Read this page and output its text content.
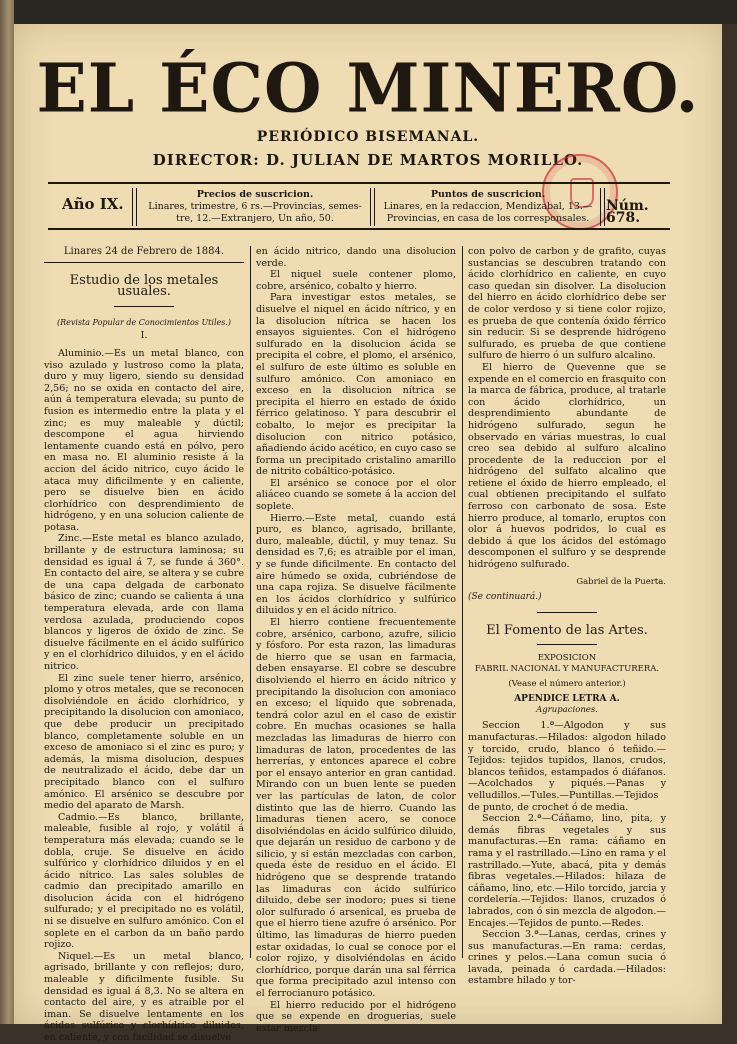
EL ÉCO MINERO.
PERIÓDICO BISEMANAL.
DIRECTOR: D. JULIAN DE MARTOS MORILLO.
Año IX.
Precios de suscricion.
Linares, trimestre, 6 rs.—Provincias, semes-
tre, 12.—Extranjero, Un año, 50.
Puntos de suscricion.
Linares, en la redaccion, Mendizabal, 13.—
Provincias, en casa de los corresponsales.
Núm. 678.
Linares 24 de Febrero de 1884.
Estudio de los metales usuales.
(Revista Popular de Conocimientos Utiles.)
I.

Aluminio.—Es un metal blanco, con viso azulado y lustroso como la plata, duro y muy ligero, siendo su densidad 2,56; no se oxida en contacto del aire, aún á temperatura elevada; su punto de fusion es intermedio entre la plata y el zinc; es muy maleable y dúctil; descompone el agua hirviendo lentamente cuando está en pólvo, pero en masa no. El aluminio resiste á la accion del ácido nitrico, cuyo ácido le ataca muy dificilmente y en caliente, pero se disuelve bien en ácido clorhídrico con desprendimiento de hidrógeno, y en una solucion caliente de potasa.

Zinc.—Este metal es blanco azulado, brillante y de estructura laminosa; su densidad es igual á 7, se funde á 360°. En contacto del aire, se altera y se cubre de una capa delgada de carbonato básico de zinc; cuando se calienta á una temperatura elevada, arde con llama verdosa azulada, produciendo copos blancos y ligeros de óxido de zinc. Se disuelve fácilmente en el ácido sulfúrico y en el clorhídrico diluidos, y en el ácido nitrico.

El zinc suele tener hierro, arsénico, plomo y otros metales, que se reconocen disolviéndole en ácido clorhídrico, y precipitando la disolucion con amoniaco, que debe producir un precipitado blanco, completamente soluble en un exceso de amoniaco si el zinc es puro; y además, la misma disolucion, despues de neutralizado el ácido, debe dar un precipitado blanco con el sulfuro amónico. El arsénico se descubre por medio del aparato de Marsh.

Cadmio.—Es blanco, brillante, maleable, fusible al rojo, y volátil á temperatura más elevada; cuando se le dobla, cruje. Se disuelve en ácido sulfúrico y clorhídrico diluidos y en el ácido nítrico. Las sales solubles de cadmio dan precipitado amarillo en disolucion ácida con el hidrógeno sulfurado; y el precipitado no es volátil, ni se disuelve en sulfuro amónico. Con el soplete en el carbon da un baño pardo rojizo.

Niquel.—Es un metal blanco, agrisado, brillante y con reflejos; duro, maleable y dificilmente fusible. Su densidad es igual á 8,3. No se altera en contacto del aire, y es atraible por el iman. Se disuelve lentamente en los ácidos sulfúrico y clorhídrico diluidos, en caliente, y con facilidad se disuelve

en ácido nitrico, dando una disolucion verde.

El niquel suele contener plomo, cobre, arsénico, cobalto y hierro.

Para investigar estos metales, se disuelve el niquel en ácido nítrico, y en la disolucion nítrica se hacen los ensayos siguientes. Con el hidrógeno sulfurado en la disolucion ácida se precipita el cobre, el plomo, el arsénico, el sulfuro de este último es soluble en sulfuro amónico. Con amoniaco en exceso en la disolucion nítrica se precipita el hierro en estado de óxido férrico gelatinoso. Y para descubrir el cobalto, lo mejor es precipitar la disolucion con nitrico potásico, añadiendo ácido acético, en cuyo caso se forma un precipitado cristalino amarillo de nitrito cobáltico-potásico.

El arsénico se conoce por el olor aliáceo cuando se somete á la accion del soplete.

Hierro.—Este metal, cuando está puro, es blanco, agrisado, brillante, duro, maleable, dúctil, y muy tenaz. Su densidad es 7,6; es atraible por el iman, y se funde dificilmente. En contacto del aire húmedo se oxida, cubriéndose de una capa rojiza. Se disuelve fácilmente en los ácidos clorhídrico y sulfúrico diluidos y en el ácido nítrico.

El hierro contiene frecuentemente cobre, arsénico, carbono, azufre, silicio y fósforo. Por esta razon, las limaduras de hierro que se usan en farmacia, deben ensayarse. El cobre se descubre disolviendo el hierro en ácido nítrico y precipitando la disolucion con amoniaco en exceso; el líquido que sobrenada, tendrá color azul en el caso de existir cobre. En muchas ocasiones se halla mezcladas las limaduras de hierro con limaduras de laton, procedentes de las herrerías, y entonces aparece el cobre por el ensayo anterior en gran cantidad. Mirando con un buen lente se pueden ver las partículas de laton, de color distinto que las de hierro. Cuando las limaduras tienen acero, se conoce disolviéndolas en ácido sulfúrico diluido, que dejarán un residuo de carbono y de silicio, y si están mezcladas con carbon, queda éste de residuo en el ácido. El hidrógeno que se desprende tratando las limaduras con ácido sulfúrico diluido, debe ser inodoro; pues si tiene olor sulfurado ó arsenical, es prueba de que el hierro tiene azufre ó arsénico. Por último, las limaduras de hierro pueden estar oxidadas, lo cual se conoce por el color rojizo, y disolviéndolas en ácido clorhídrico, porque darán una sal férrica que forma precipitado azul intenso con el ferrocianuro potásico.

El hierro reducido por el hidrógeno que se expende en droguerias, suele estar mezcla-

con polvo de carbon y de grafito, cuyas sustancias se descubren tratando con ácido clorhídrico en caliente, en cuyo caso quedan sin disolver. La disolucion del hierro en ácido clorhídrico debe ser de color verdoso y si tiene color rojizo, es prueba de que contenía óxido férrico sin reducir. Si se desprende hidrógeno sulfurado, es prueba de que contiene sulfuro de hierro ó un sulfuro alcalino.

El hierro de Quevenne que se expende en el comercio en frasquito con la marca de fábrica, produce, al tratarle con ácido clorhídrico, un desprendimiento abundante de hidrógeno sulfurado, segun he observado en várias muestras, lo cual creo sea debido al sulfuro alcalino procedente de la reduccion por el hidrógeno del sulfato alcalino que retiene el óxido de hierro empleado, el cual obtienen precipitando el sulfato ferroso con carbonato de sosa. Este hierro produce, al tomarlo, eruptos con olor á huevos podridos, lo cual es debido á que los ácidos del estómago descomponen el sulfuro y se desprende hidrógeno sulfurado.

Gabriel de la Puerta.
(Se continuará.)
El Fomento de las Artes.
EXPOSICION
FABRIL NACIONAL Y MANUFACTURERA.
(Vease el número anterior.)
APENDICE LETRA A.
Agrupaciones.

Seccion 1.ª—Algodon y sus manufacturas.—Hilados: algodon hilado y torcido, crudo, blanco ó teñido.—Tejidos: tejidos tupidos, llanos, crudos, blancos teñidos, estampados ó diáfanos.—Acolchados y piqués.—Panas y velludillos.—Tules.—Puntillas.—Tejidos de punto, de crochet ó de media.

Seccion 2.ª—Cáñamo, lino, pita, y demás fibras vegetales y sus manufacturas.—En rama: cáñamo en rama y el rastrillado.—Lino en rama y el rastrillado.—Yute, abacá, pita y demás fibras vegetales.—Hilados: hilaza de cáñamo, lino, etc.—Hilo torcido, jarcia y cordelería.—Tejidos: llanos, cruzados ó labrados, con ó sin mezcla de algodon.—Encajes.—Tejidos de punto.—Redes.

Seccion 3.ª—Lanas, cerdas, crines y sus manufacturas.—En rama: cerdas, crines y pelos.—Lana comun sucia ó lavada, peinada ó cardada.—Hilados: estambre hilado y tor-
